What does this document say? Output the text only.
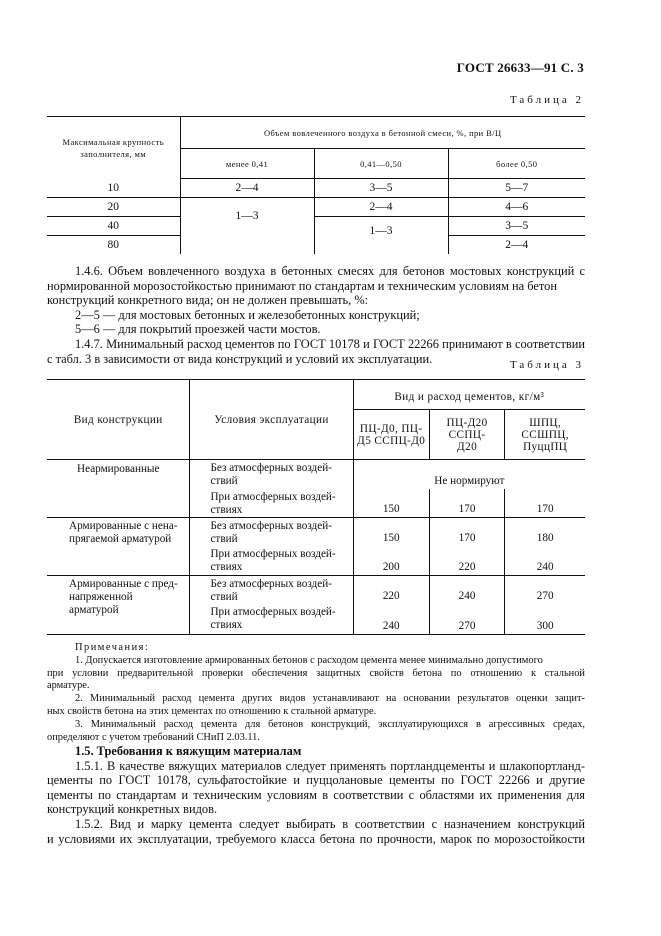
ГОСТ 26633—91 С. 3
Таблица 2
Максимальная крупность заполнителя, мм	Объем вовлеченного воздуха в бетонной смеси, %, при В/Ц		
	менее 0,41	0,41—0,50	более 0,50
10	2—4	3—5	5—7
20	1—3	2—4	4—6
40		1—3	3—5
80			2—4
1.4.6. Объем вовлеченного воздуха в бетонных смесях для бетонов мостовых конструкций с
нормированной морозостойкостью принимают по стандартам и техническим условиям на бетон
конструкций конкретного вида; он не должен превышать, %:
2—5 — для мостовых бетонных и железобетонных конструкций;
5—6 — для покрытий проезжей части мостов.
1.4.7. Минимальный расход цементов по ГОСТ 10178 и ГОСТ 22266 принимают в соответствии
с табл. 3 в зависимости от вида конструкций и условий их эксплуатации.	Таблица 3
Вид конструкции	Условия эксплуатации	Вид и расход цементов, кг/м³		
		ПЦ-Д0, ПЦ-Д5 ССПЦ-Д0	ПЦ-Д20 ССПЦ-Д20	ШПЦ, ССШПЦ, ПуццПЦ
Неармированные	Без атмосферных воздей-
ствий	Не нормируют		
	При атмосферных воздей-
ствиях	150	170	170
Армированные с нена-
прягаемой арматурой	Без атмосферных воздей-
ствий	150	170	180
	При атмосферных воздей-
ствиях	200	220	240
Армированные с пред-
напряженной арматурой	Без атмосферных воздей-
ствий	220	240	270
	При атмосферных воздей-
ствиях	240	270	300
Примечания:
1. Допускается изготовление армированных бетонов с расходом цемента менее минимально допустимого
при условии предварительной проверки обеспечения защитных свойств бетона по отношению к стальной
арматуре.
2. Минимальный расход цемента других видов устанавливают на основании результатов оценки защит-
ных свойств бетона на этих цементах по отношению к стальной арматуре.
3. Минимальный расход цемента для бетонов конструкций, эксплуатирующихся в агрессивных средах,
определяют с учетом требований СНиП 2.03.11.
1.5. Требования к вяжущим материалам
1.5.1. В качестве вяжущих материалов следует применять портландцементы и шлакопортланд-
цементы по ГОСТ 10178, сульфатостойкие и пуццолановые цементы по ГОСТ 22266 и другие
цементы по стандартам и техническим условиям в соответствии с областями их применения для
конструкций конкретных видов.
1.5.2. Вид и марку цемента следует выбирать в соответствии с назначением конструкций
и условиями их эксплуатации, требуемого класса бетона по прочности, марок по морозостойкости
